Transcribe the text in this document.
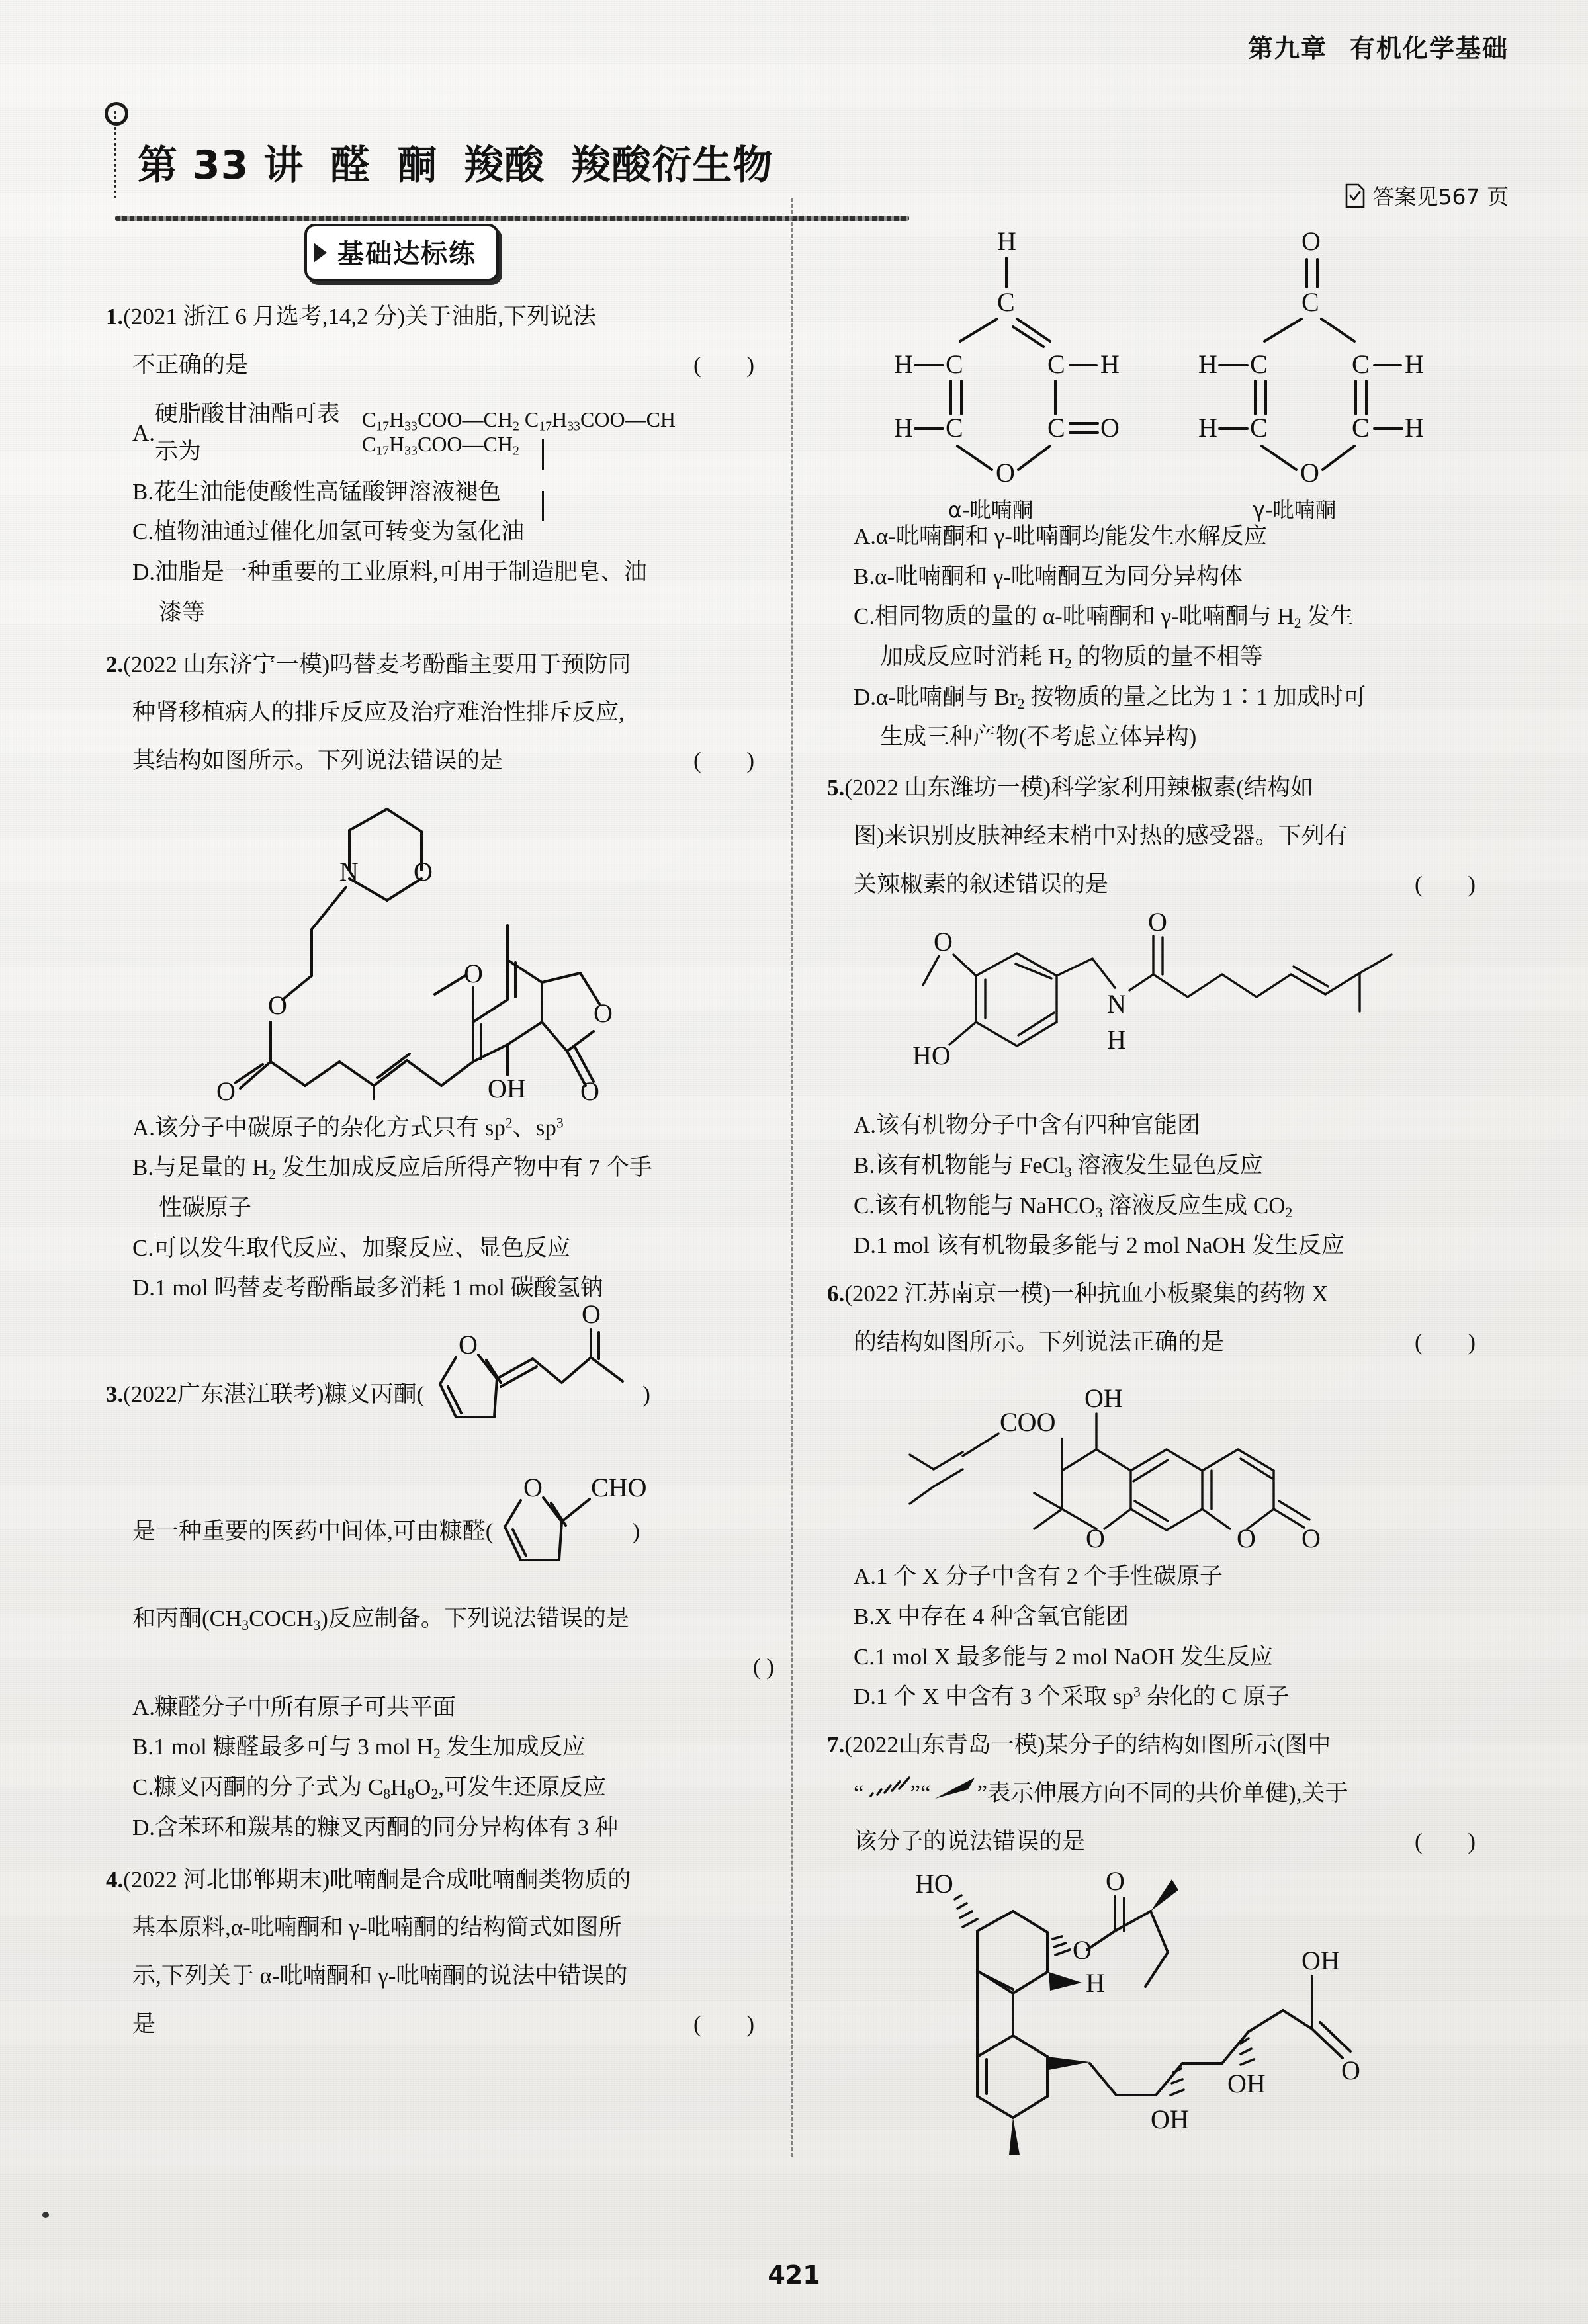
第九章 有机化学基础
第 33 讲 醛 酮 羧酸 羧酸衍生物
答案见567 页
基础达标练
1.(2021 浙江 6 月选考,14,2 分)关于油脂,下列说法
( )
不正确的是
A.
硬脂酸甘油酯可表示为
$C_{17}H_{33}COO—CH_2$ $C_{17}H_{33}COO—CH$ $C_{17}H_{33}COO—CH_2$
B.花生油能使酸性高锰酸钾溶液褪色
C.植物油通过催化加氢可转变为氢化油
D.油脂是一种重要的工业原料,可用于制造肥皂、油
漆等
2.(2022 山东济宁一模)吗替麦考酚酯主要用于预防同
种肾移植病人的排斥反应及治疗难治性排斥反应,
( )
其结构如图所示。下列说法错误的是
N O
O
O
O
O
O
OH
A.该分子中碳原子的杂化方式只有 $sp^2$、$sp^3$
B.与足量的 $H_2$ 发生加成反应后所得产物中有 7 个手
性碳原子
C.可以发生取代反应、加聚反应、显色反应
D.1 mol 吗替麦考酚酯最多消耗 1 mol 碳酸氢钠
3. (2022广东湛江联考) 糠叉丙酮(
O
O
)
是一种重要的医药中间体,可由糠醛(
O CHO
)
和丙酮$(CH_3COCH_3)$反应制备。下列说法错误的是
( )
A.糠醛分子中所有原子可共平面
B.1 mol 糠醛最多可与 3 mol $H_2$ 发生加成反应
C.糠叉丙酮的分子式为 $C_8H_8O_2$,可发生还原反应
D.含苯环和羰基的糠叉丙酮的同分异构体有 3 种
4.(2022 河北邯郸期末)吡喃酮是合成吡喃酮类物质的
基本原料,α-吡喃酮和 γ-吡喃酮的结构简式如图所
示,下列关于 α-吡喃酮和 γ-吡喃酮的说法中错误的
( )
是
H
C
H C	C H
H C	C O
O
α-吡喃酮
O
C
H C	C H
H C	C H
O
γ-吡喃酮
A.α-吡喃酮和 γ-吡喃酮均能发生水解反应
B.α-吡喃酮和 γ-吡喃酮互为同分异构体
C.相同物质的量的 α-吡喃酮和 γ-吡喃酮与 $H_2$ 发生
加成反应时消耗 $H_2$ 的物质的量不相等
D.α-吡喃酮与 $Br_2$ 按物质的量之比为 1∶1 加成时可
生成三种产物(不考虑立体异构)
5.(2022 山东潍坊一模)科学家利用辣椒素(结构如
图)来识别皮肤神经末梢中对热的感受器。下列有
( )
关辣椒素的叙述错误的是
O
HO
N
H
O
A.该有机物分子中含有四种官能团
B.该有机物能与 FeCl$_3$ 溶液发生显色反应
C.该有机物能与 NaHCO$_3$ 溶液反应生成 $CO_2$
D.1 mol 该有机物最多能与 2 mol NaOH 发生反应
6.(2022 江苏南京一模)一种抗血小板聚集的药物 X
( )
的结构如图所示。下列说法正确的是
COO
O
OH
O O
A.1 个 X 分子中含有 2 个手性碳原子
B.X 中存在 4 种含氧官能团
C.1 mol X 最多能与 2 mol NaOH 发生反应
D.1 个 X 中含有 3 个采取 $sp^3$ 杂化的 C 原子
7.(2022山东青岛一模)某分子的结构如图所示(图中
“ ”“ ”表示伸展方向不同的共价单健),关于
( )
该分子的说法错误的是
HO
O
O
H
OH
OH
OH
O
421
